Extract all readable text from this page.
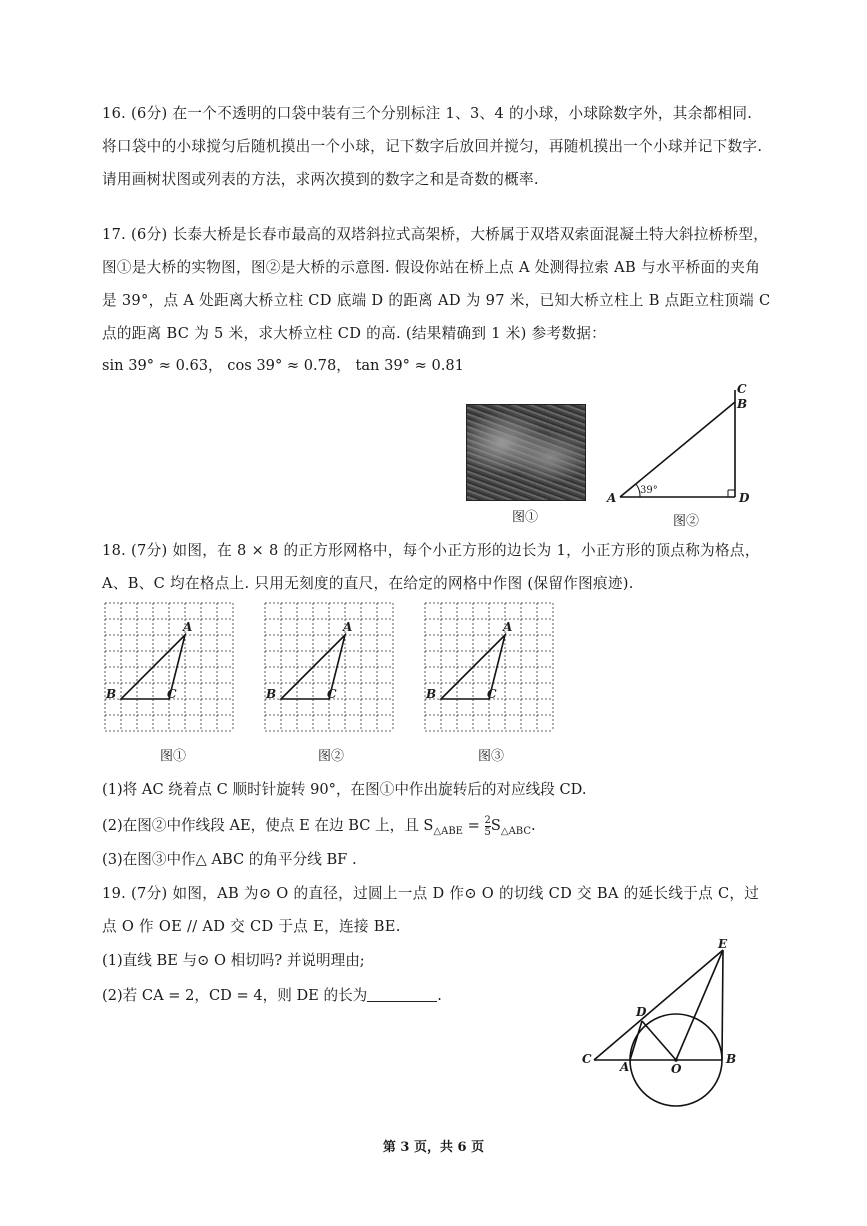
16. (6分) 在一个不透明的口袋中装有三个分别标注 1、3、4 的小球，小球除数字外，其余都相同. 将口袋中的小球搅匀后随机摸出一个小球，记下数字后放回并搅匀，再随机摸出一个小球并记下数字. 请用画树状图或列表的方法，求两次摸到的数字之和是奇数的概率.
17. (6分) 长泰大桥是长春市最高的双塔斜拉式高架桥，大桥属于双塔双索面混凝土特大斜拉桥桥型，图①是大桥的实物图，图②是大桥的示意图. 假设你站在桥上点 A 处测得拉索 AB 与水平桥面的夹角是 39°，点 A 处距离大桥立柱 CD 底端 D 的距离 AD 为 97 米，已知大桥立柱上 B 点距立柱顶端 C 点的距离 BC 为 5 米，求大桥立柱 CD 的高. (结果精确到 1 米) 参考数据：
sin 39° ≈ 0.63， cos 39° ≈ 0.78， tan 39° ≈ 0.81
图①
C
B
A	D
39°
图②
18. (7分) 如图，在 8 × 8 的正方形网格中，每个小正方形的边长为 1，小正方形的顶点称为格点，A、B、C 均在格点上. 只用无刻度的直尺，在给定的网格中作图 (保留作图痕迹).
A
B	C
A
B	C
A
B	C
图①	图②	图③
(1)将 AC 绕着点 C 顺时针旋转 90°，在图①中作出旋转后的对应线段 CD.
(2)在图②中作线段 AE，使点 E 在边 BC 上，且 $S_{\triangle ABE} = \frac{2}{5} S_{\triangle ABC}$.
(3)在图③中作△ ABC 的角平分线 BF .
19. (7分) 如图，AB 为⊙ O 的直径，过圆上一点 D 作⊙ O 的切线 CD 交 BA 的延长线于点 C，过点 O 作 OE // AD 交 CD 于点 E，连接 BE.
(1)直线 BE 与⊙ O 相切吗? 并说明理由;
(2)若 CA = 2，CD = 4，则 DE 的长为	.
E
D
C
A	O
B
第 3 页，共 6 页
